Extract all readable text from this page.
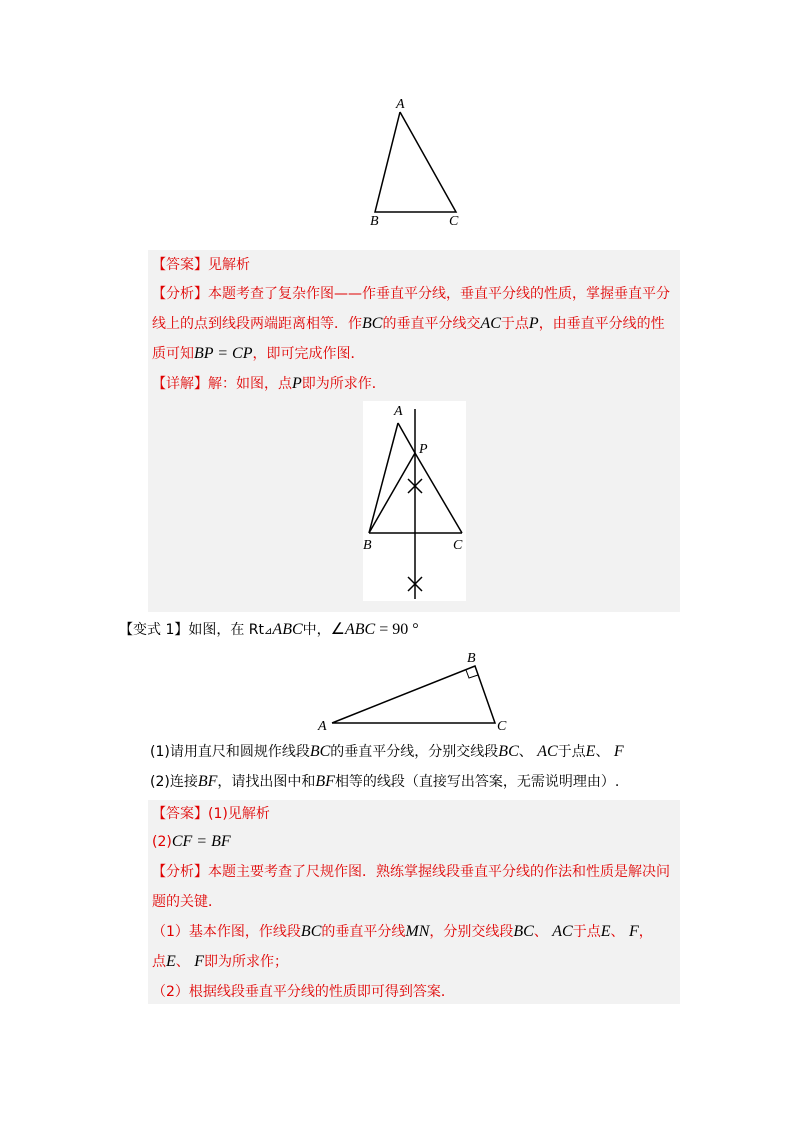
A
B	C
【答案】见解析
【分析】本题考查了复杂作图——作垂直平分线，垂直平分线的性质，掌握垂直平分
线上的点到线段两端距离相等．作BC的垂直平分线交AC于点P，由垂直平分线的性
质可知BP = CP，即可完成作图．
【详解】解：如图，点P即为所求作．
A
P
B	C
【变式 1】如图，在 Rt⊿ABC中，∠ABC = 90 °
A
B
C
(1)请用直尺和圆规作线段BC的垂直平分线，分别交线段BC、 AC于点E、 F
(2)连接BF，请找出图中和BF相等的线段（直接写出答案，无需说明理由）.
【答案】(1)见解析
(2)CF = BF
【分析】本题主要考查了尺规作图．熟练掌握线段垂直平分线的作法和性质是解决问
题的关键．
（1）基本作图，作线段BC的垂直平分线MN，分别交线段BC、 AC于点E、 F，
点E、 F即为所求作；
（2）根据线段垂直平分线的性质即可得到答案．
